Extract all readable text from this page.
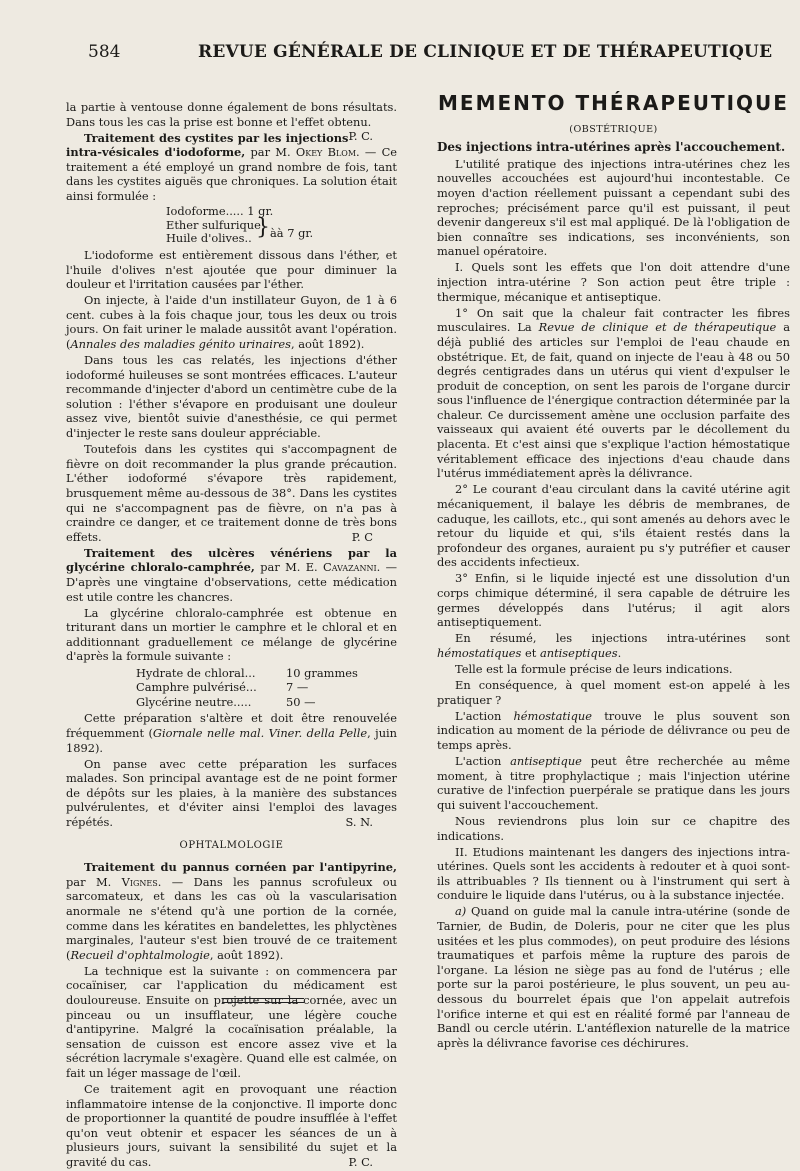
584	REVUE GÉNÉRALE DE CLINIQUE ET DE THÉRAPEUTIQUE

la partie à ventouse donne également de bons résultats. Dans tous les cas la prise est bonne et l'effet obtenu.
P. C.

Traitement des cystites par les injections intra-vésicales d'iodoforme, par M. Okey Blom. — Ce traitement a été employé un grand nombre de fois, tant dans les cystites aiguës que chroniques. La solution était ainsi formulée :

Iodoforme..... 1 gr.
Ether sulfurique
Huile d'olives.. } àà 7 gr.

L'iodoforme est entièrement dissous dans l'éther, et l'huile d'olives n'est ajoutée que pour diminuer la douleur et l'irritation causées par l'éther.

On injecte, à l'aide d'un instillateur Guyon, de 1 à 6 cent. cubes à la fois chaque jour, tous les deux ou trois jours. On fait uriner le malade aussitôt avant l'opération. (Annales des maladies génito urinaires, août 1892).

Dans tous les cas relatés, les injections d'éther iodoformé huileuses se sont montrées efficaces. L'auteur recommande d'injecter d'abord un centimètre cube de la solution : l'éther s'évapore en produisant une douleur assez vive, bientôt suivie d'anesthésie, ce qui permet d'injecter le reste sans douleur appréciable.

Toutefois dans les cystites qui s'accompagnent de fièvre on doit recommander la plus grande précaution. L'éther iodoformé s'évapore très rapidement, brusquement même au-dessous de 38°. Dans les cystites qui ne s'accompagnent pas de fièvre, on n'a pas à craindre ce danger, et ce traitement donne de très bons effets.	P. C

Traitement des ulcères vénériens par la glycérine chloralo-camphrée, par M. E. Cavazanni. — D'après une vingtaine d'observations, cette médication est utile contre les chancres.

La glycérine chloralo-camphrée est obtenue en triturant dans un mortier le camphre et le chloral et en additionnant graduellement ce mélange de glycérine d'après la formule suivante :

Hydrate de chloral...	10 grammes
Camphre pulvérisé...	7 —
Glycérine neutre.....	50 —

Cette préparation s'altère et doit être renouvelée fréquemment (Giornale nelle mal. Viner. della Pelle, juin 1892).

On panse avec cette préparation les surfaces malades. Son principal avantage est de ne point former de dépôts sur les plaies, à la manière des substances pulvérulentes, et d'éviter ainsi l'emploi des lavages répétés.	S. N.

OPHTALMOLOGIE

Traitement du pannus cornéen par l'antipyrine, par M. Vignes. — Dans les pannus scrofuleux ou sarcomateux, et dans les cas où la vascularisation anormale ne s'étend qu'à une portion de la cornée, comme dans les kératites en bandelettes, les phlyctènes marginales, l'auteur s'est bien trouvé de ce traitement (Recueil d'ophtalmologie, août 1892).

La technique est la suivante : on commencera par cocaïniser, car l'application du médicament est douloureuse. Ensuite on projette sur la cornée, avec un pinceau ou un insufflateur, une légère couche d'antipyrine. Malgré la cocaïnisation préalable, la sensation de cuisson est encore assez vive et la sécrétion lacrymale s'exagère. Quand elle est calmée, on fait un léger massage de l'œil.

Ce traitement agit en provoquant une réaction inflammatoire intense de la conjonctive. Il importe donc de proportionner la quantité de poudre insufflée à l'effet qu'on veut obtenir et espacer les séances de un à plusieurs jours, suivant la sensibilité du sujet et la gravité du cas.	P. C.

MEMENTO THÉRAPEUTIQUE
(OBSTÉTRIQUE)
Des injections intra-utérines après l'accouchement.

L'utilité pratique des injections intra-utérines chez les nouvelles accouchées est aujourd'hui incontestable. Ce moyen d'action réellement puissant a cependant subi des reproches; précisément parce qu'il est puissant, il peut devenir dangereux s'il est mal appliqué. De là l'obligation de bien connaître ses indications, ses inconvénients, son manuel opératoire.

I. Quels sont les effets que l'on doit attendre d'une injection intra-utérine ? Son action peut être triple : thermique, mécanique et antiseptique.

1° On sait que la chaleur fait contracter les fibres musculaires. La Revue de clinique et de thérapeutique a déjà publié des articles sur l'emploi de l'eau chaude en obstétrique. Et, de fait, quand on injecte de l'eau à 48 ou 50 degrés centigrades dans un utérus qui vient d'expulser le produit de conception, on sent les parois de l'organe durcir sous l'influence de l'énergique contraction déterminée par la chaleur. Ce durcissement amène une occlusion parfaite des vaisseaux qui avaient été ouverts par le décollement du placenta. Et c'est ainsi que s'explique l'action hémostatique véritablement efficace des injections d'eau chaude dans l'utérus immédiatement après la délivrance.

2° Le courant d'eau circulant dans la cavité utérine agit mécaniquement, il balaye les débris de membranes, de caduque, les caillots, etc., qui sont amenés au dehors avec le retour du liquide et qui, s'ils étaient restés dans la profondeur des organes, auraient pu s'y putréfier et causer des accidents infectieux.

3° Enfin, si le liquide injecté est une dissolution d'un corps chimique déterminé, il sera capable de détruire les germes développés dans l'utérus; il agit alors antiseptiquement.

En résumé, les injections intra-utérines sont hémostatiques et antiseptiques.

Telle est la formule précise de leurs indications.

En conséquence, à quel moment est-on appelé à les pratiquer ?

L'action hémostatique trouve le plus souvent son indication au moment de la période de délivrance ou peu de temps après.

L'action antiseptique peut être recherchée au même moment, à titre prophylactique ; mais l'injection utérine curative de l'infection puerpérale se pratique dans les jours qui suivent l'accouchement.

Nous reviendrons plus loin sur ce chapitre des indications.

II. Etudions maintenant les dangers des injections intra-utérines. Quels sont les accidents à redouter et à quoi sont-ils attribuables ? Ils tiennent ou à l'instrument qui sert à conduire le liquide dans l'utérus, ou à la substance injectée.

a) Quand on guide mal la canule intra-utérine (sonde de Tarnier, de Budin, de Doleris, pour ne citer que les plus usitées et les plus commodes), on peut produire des lésions traumatiques et parfois même la rupture des parois de l'organe. La lésion ne siège pas au fond de l'utérus ; elle porte sur la paroi postérieure, le plus souvent, un peu au-dessous du bourrelet épais que l'on appelait autrefois l'orifice interne et qui est en réalité formé par l'anneau de Bandl ou cercle utérin. L'antéflexion naturelle de la matrice après la délivrance favorise ces déchirures.
